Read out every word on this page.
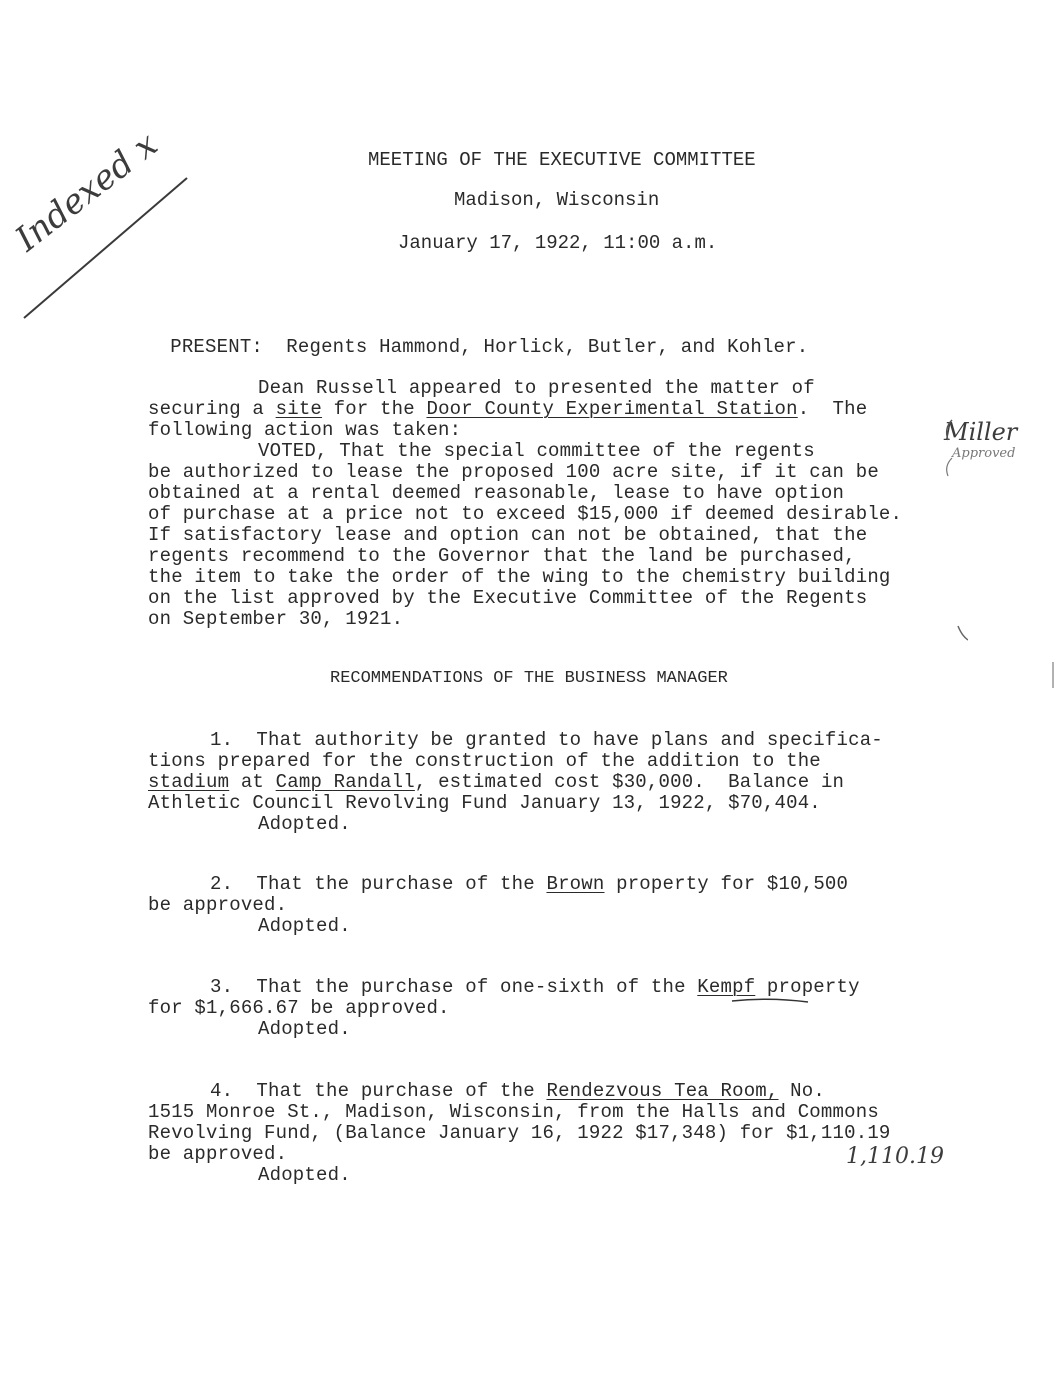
Indexed x	MEETING OF THE EXECUTIVE COMMITTEE
Madison, Wisconsin
January 17, 1922, 11:00 a.m.

PRESENT: Regents Hammond, Horlick, Butler, and Kohler.

Dean Russell appeared to presented the matter of
securing a site for the Door County Experimental Station.  The
following action was taken:
VOTED, That the special committee of the regents
be authorized to lease the proposed 100 acre site, if it can be
obtained at a rental deemed reasonable, lease to have option
of purchase at a price not to exceed $15,000 if deemed desirable.
If satisfactory lease and option can not be obtained, that the
regents recommend to the Governor that the land be purchased,
the item to take the order of the wing to the chemistry building
on the list approved by the Executive Committee of the Regents
on September 30, 1921.
Miller
Approved
RECOMMENDATIONS OF THE BUSINESS MANAGER
1.  That authority be granted to have plans and specifica-
tions prepared for the construction of the addition to the
stadium at Camp Randall, estimated cost $30,000.  Balance in
Athletic Council Revolving Fund January 13, 1922, $70,404.
Adopted.
2.  That the purchase of the Brown property for $10,500
be approved.
Adopted.
3.  That the purchase of one-sixth of the Kempf property
for $1,666.67 be approved.
Adopted.
4.  That the purchase of the Rendezvous Tea Room, No.
1515 Monroe St., Madison, Wisconsin, from the Halls and Commons
Revolving Fund, (Balance January 16, 1922 $17,348) for $1,110.19
be approved.
Adopted.
1,110.19
